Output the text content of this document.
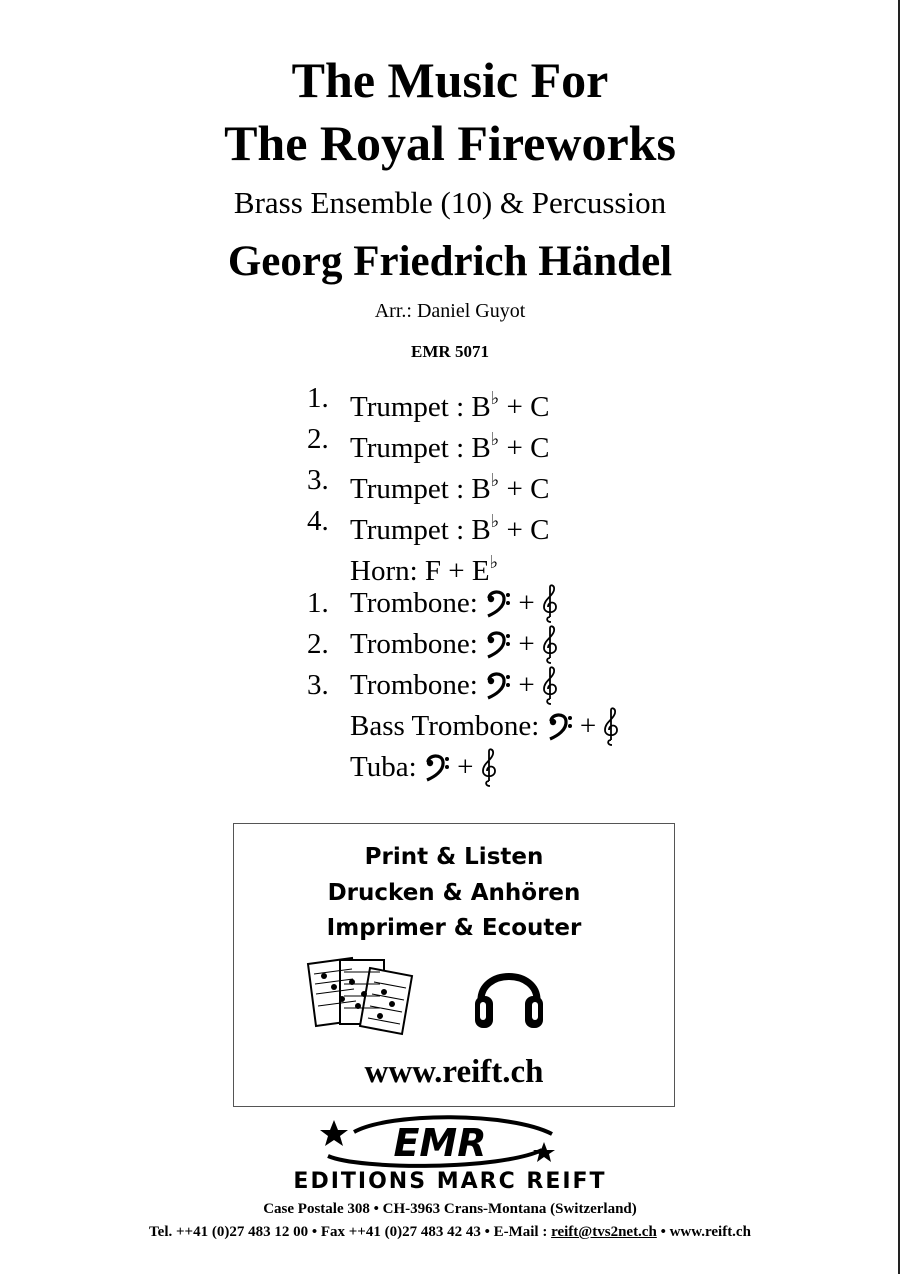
The Music For
The Royal Fireworks
Brass Ensemble (10) & Percussion
Georg Friedrich Händel
Arr.: Daniel Guyot
EMR 5071
1. Trumpet : B♭ + C
2. Trumpet : B♭ + C
3. Trumpet : B♭ + C
4. Trumpet : B♭ + C
Horn: F + E♭
1. Trombone:  +
2. Trombone:  +
3. Trombone:  +
Bass Trombone:  +
Tuba:  +
Print & Listen
Drucken & Anhören
Imprimer & Ecouter
www.reift.ch
EMR
EDITIONS MARC REIFT
Case Postale 308 • CH-3963 Crans-Montana (Switzerland)
Tel. ++41 (0)27 483 12 00 • Fax ++41 (0)27 483 42 43 • E-Mail : reift@tvs2net.ch • www.reift.ch
